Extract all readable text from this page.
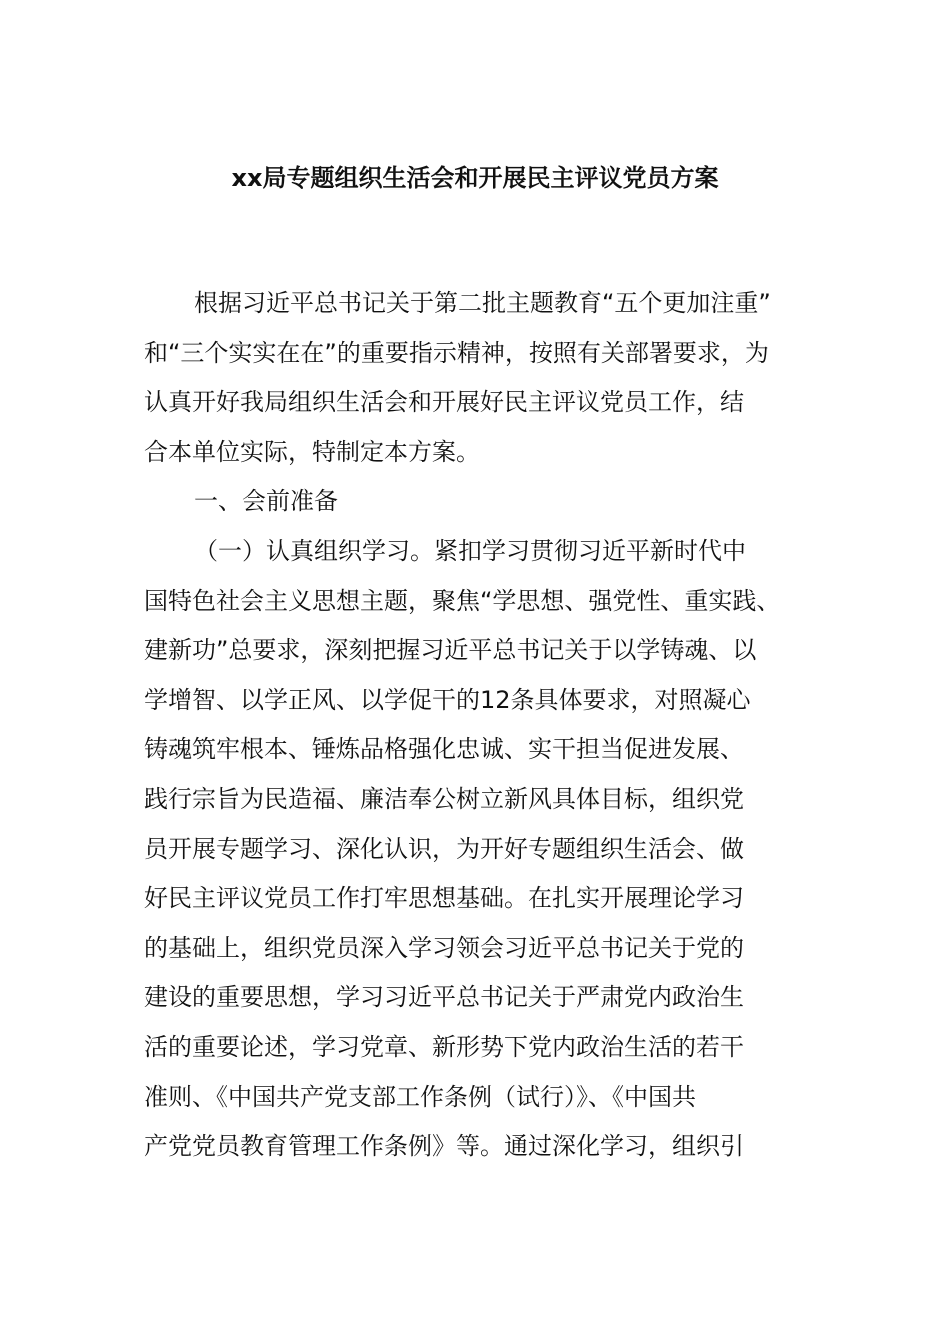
xx局专题组织生活会和开展民主评议党员方案
根据习近平总书记关于第二批主题教育“五个更加注重”
和“三个实实在在”的重要指示精神，按照有关部署要求，为
认真开好我局组织生活会和开展好民主评议党员工作，结
合本单位实际，特制定本方案。
一、会前准备
（一）认真组织学习。紧扣学习贯彻习近平新时代中
国特色社会主义思想主题，聚焦“学思想、强党性、重实践、
建新功”总要求，深刻把握习近平总书记关于以学铸魂、以
学增智、以学正风、以学促干的12条具体要求，对照凝心
铸魂筑牢根本、锤炼品格强化忠诚、实干担当促进发展、
践行宗旨为民造福、廉洁奉公树立新风具体目标，组织党
员开展专题学习、深化认识，为开好专题组织生活会、做
好民主评议党员工作打牢思想基础。在扎实开展理论学习
的基础上，组织党员深入学习领会习近平总书记关于党的
建设的重要思想，学习习近平总书记关于严肃党内政治生
活的重要论述，学习党章、新形势下党内政治生活的若干
准则、《中国共产党支部工作条例（试行）》、《中国共
产党党员教育管理工作条例》等。通过深化学习，组织引
